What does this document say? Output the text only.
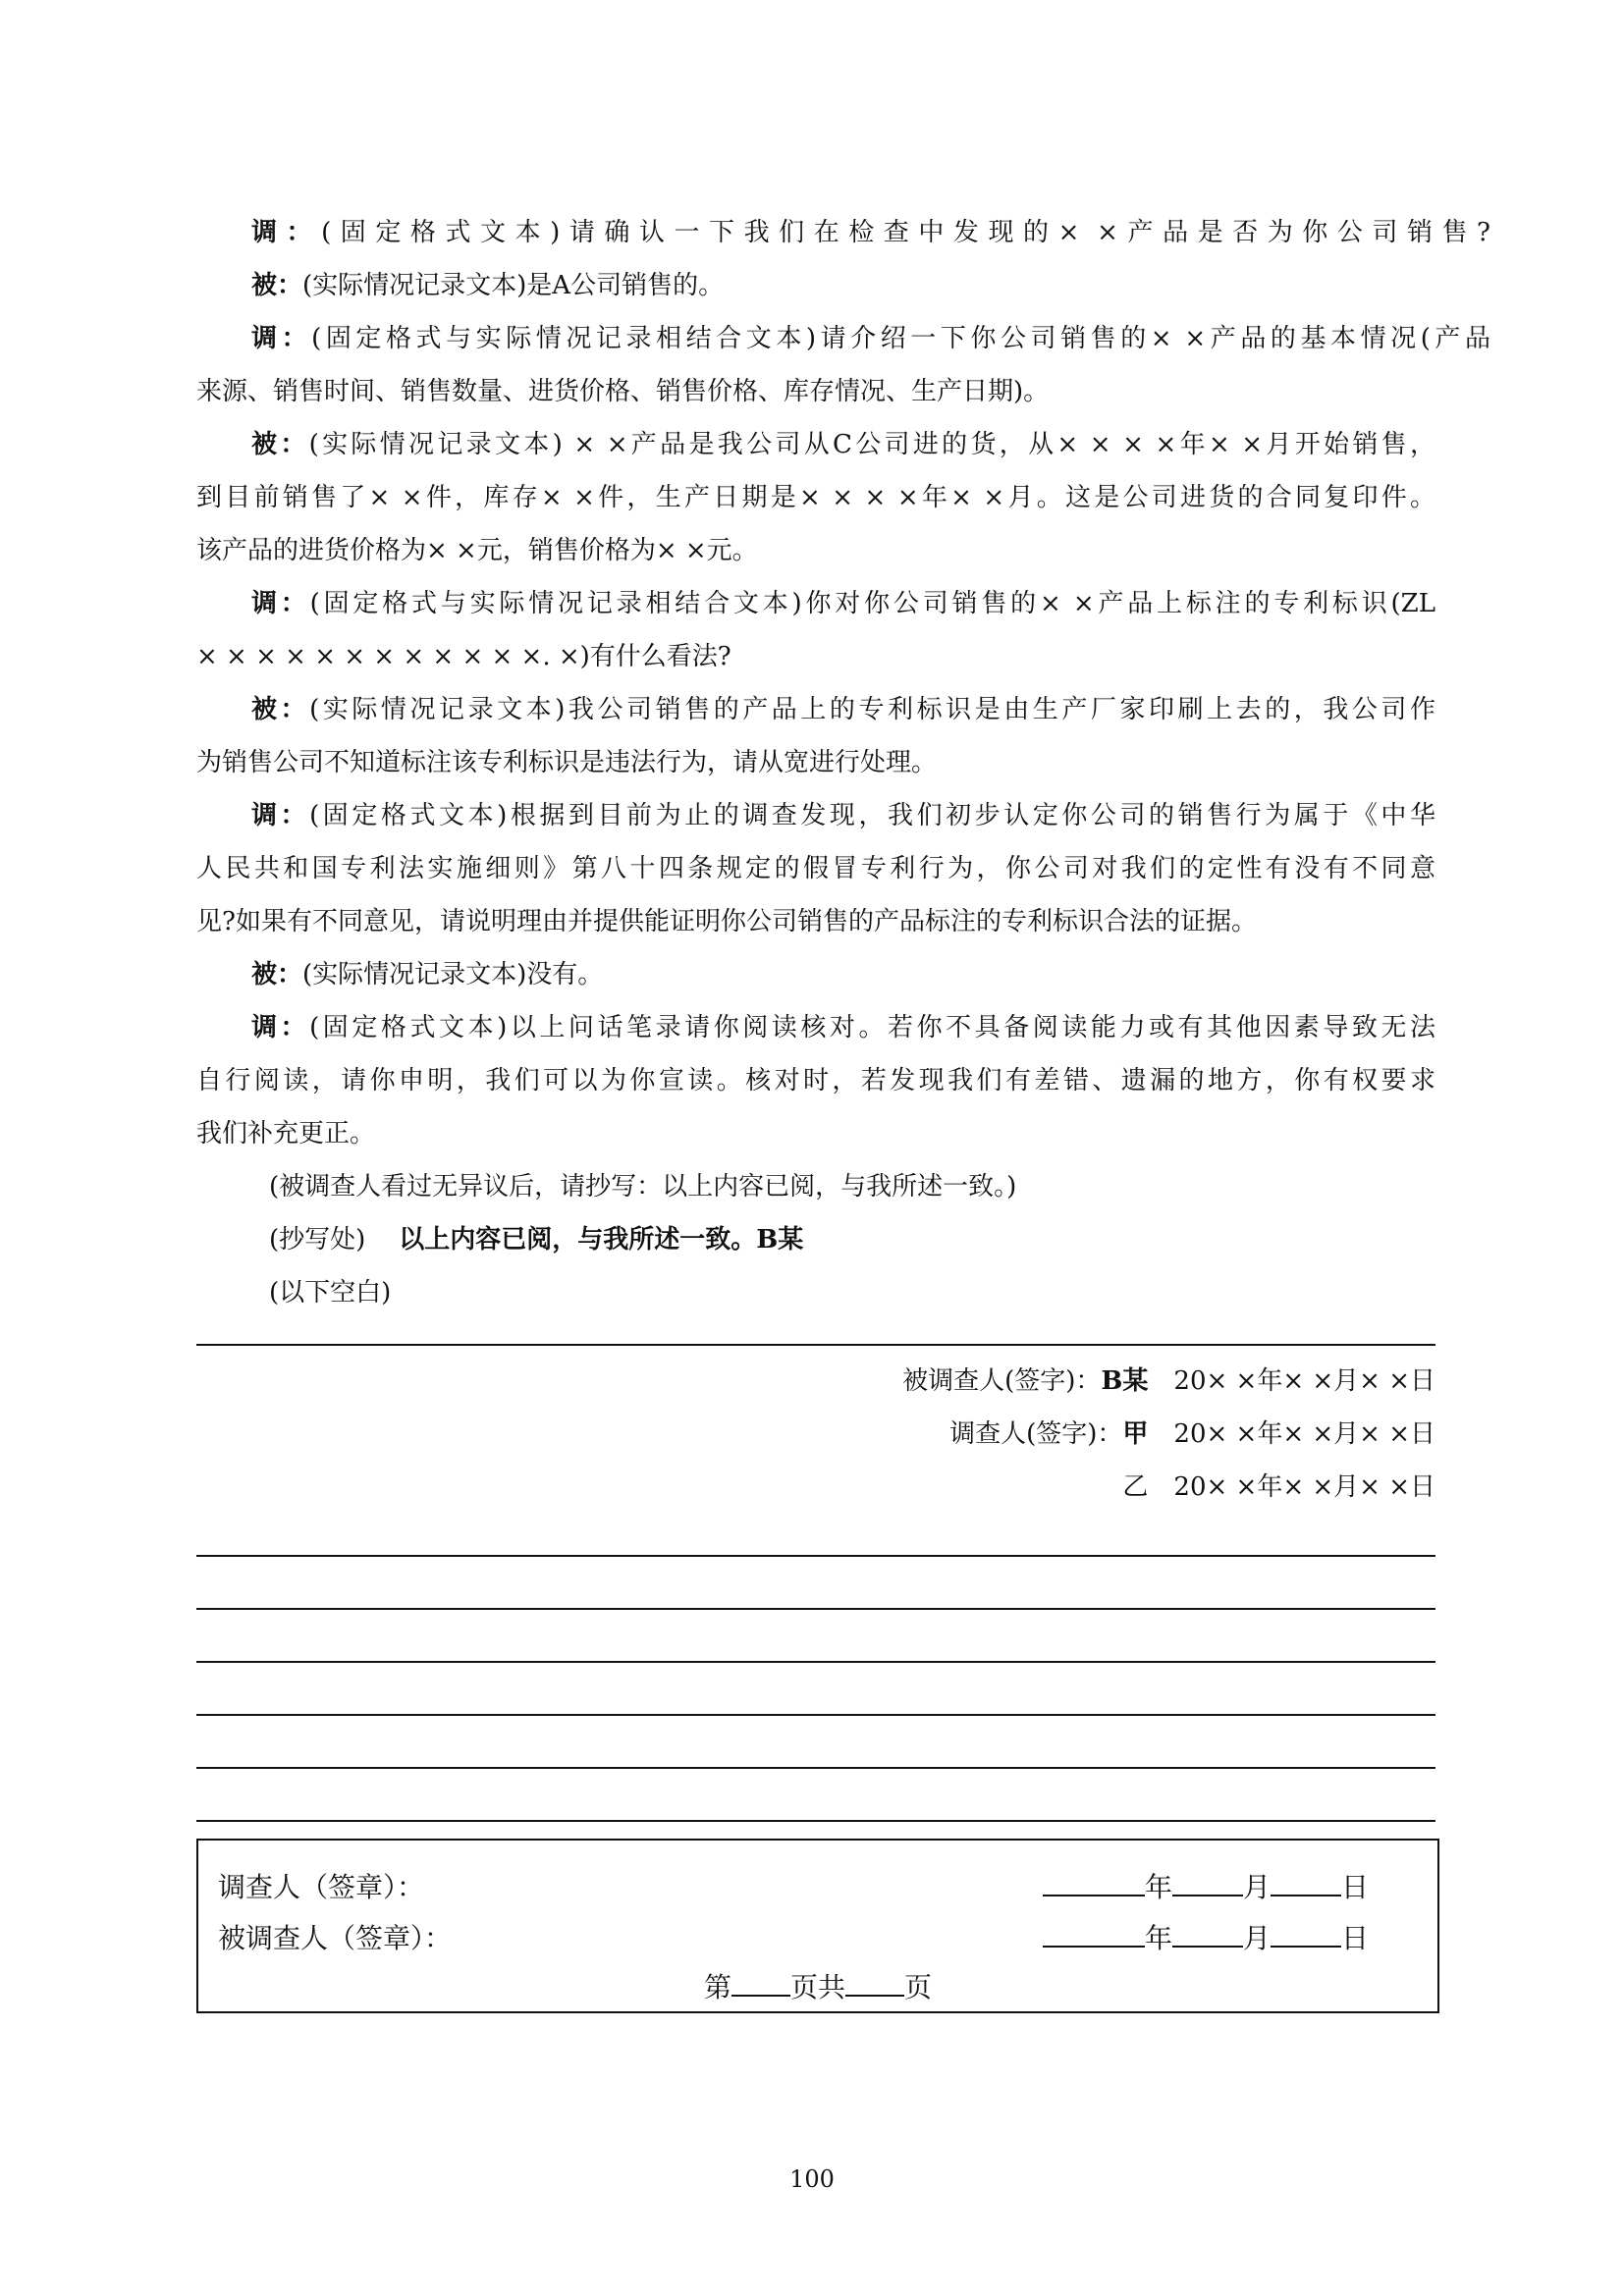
调：(固定格式文本)请确认一下我们在检查中发现的× ×产品是否为你公司销售?
被：(实际情况记录文本)是A公司销售的。
调：(固定格式与实际情况记录相结合文本)请介绍一下你公司销售的× ×产品的基本情况(产品
来源、销售时间、销售数量、进货价格、销售价格、库存情况、生产日期)。
被：(实际情况记录文本) × ×产品是我公司从C公司进的货，从× × × ×年× ×月开始销售，
到目前销售了× ×件，库存× ×件，生产日期是× × × ×年× ×月。这是公司进货的合同复印件。
该产品的进货价格为× ×元，销售价格为× ×元。
调：(固定格式与实际情况记录相结合文本)你对你公司销售的× ×产品上标注的专利标识(ZL
× × × × × × × × × × × ×. ×)有什么看法?
被：(实际情况记录文本)我公司销售的产品上的专利标识是由生产厂家印刷上去的，我公司作
为销售公司不知道标注该专利标识是违法行为，请从宽进行处理。
调：(固定格式文本)根据到目前为止的调查发现，我们初步认定你公司的销售行为属于《中华
人民共和国专利法实施细则》第八十四条规定的假冒专利行为，你公司对我们的定性有没有不同意
见?如果有不同意见，请说明理由并提供能证明你公司销售的产品标注的专利标识合法的证据。
被：(实际情况记录文本)没有。
调：(固定格式文本)以上问话笔录请你阅读核对。若你不具备阅读能力或有其他因素导致无法
自行阅读，请你申明，我们可以为你宣读。核对时，若发现我们有差错、遗漏的地方，你有权要求
我们补充更正。
(被调查人看过无异议后，请抄写：以上内容已阅，与我所述一致。)
(抄写处) 以上内容已阅，与我所述一致。B某
(以下空白)
被调查人(签字)：B某 20× ×年× ×月× ×日
调查人(签字)：甲 20× ×年× ×月× ×日
乙 20× ×年× ×月× ×日
调查人（签章）：	年	月	日
被调查人（签章）：	年	月	日
第 页共 页
100
